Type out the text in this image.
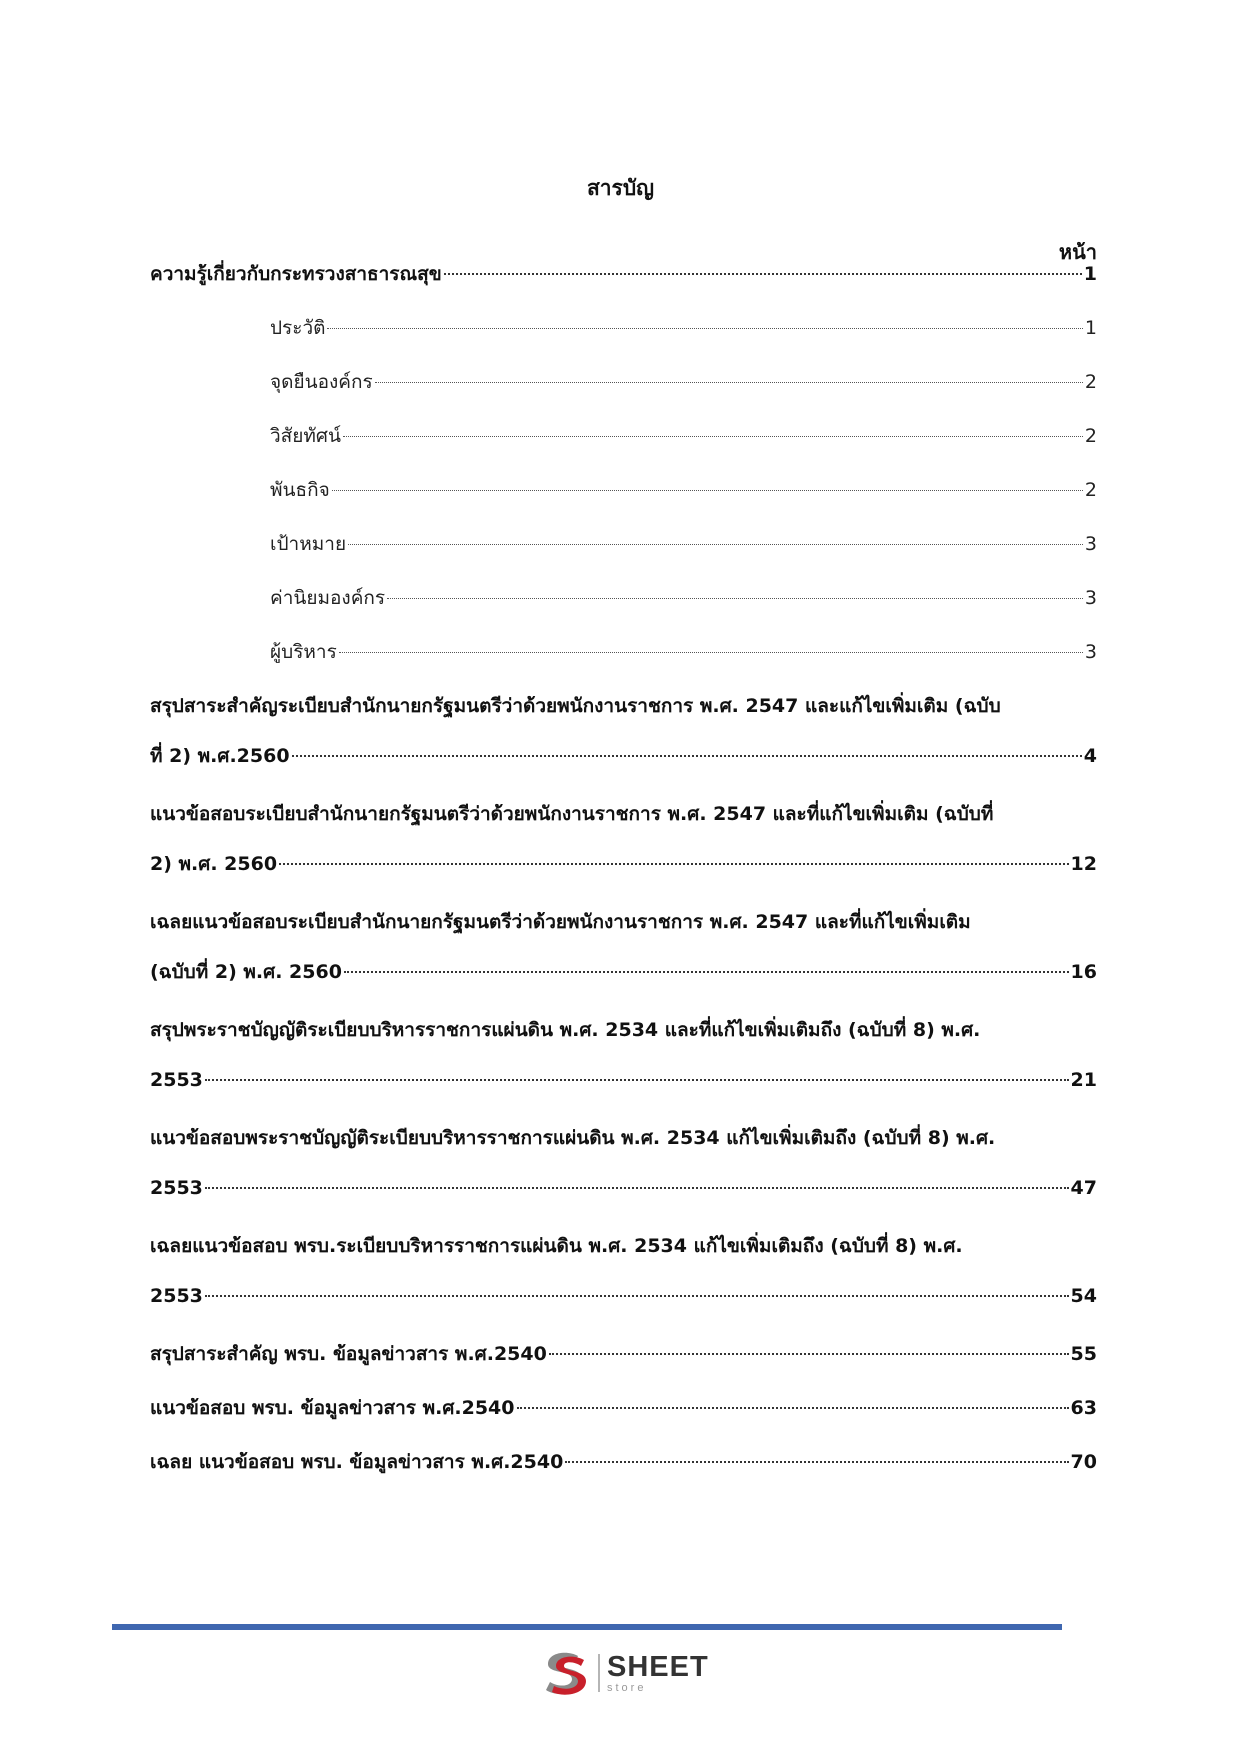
สารบัญ
หน้า
ความรู้เกี่ยวกับกระทรวงสาธารณสุข	1
ประวัติ	1
จุดยืนองค์กร	2
วิสัยทัศน์	2
พันธกิจ	2
เป้าหมาย	3
ค่านิยมองค์กร	3
ผู้บริหาร	3
สรุปสาระสำคัญระเบียบสำนักนายกรัฐมนตรีว่าด้วยพนักงานราชการ พ.ศ. 2547 และแก้ไขเพิ่มเติม (ฉบับ
ที่ 2) พ.ศ.2560	4
แนวข้อสอบระเบียบสำนักนายกรัฐมนตรีว่าด้วยพนักงานราชการ พ.ศ. 2547 และที่แก้ไขเพิ่มเติม (ฉบับที่
2) พ.ศ. 2560	12
เฉลยแนวข้อสอบระเบียบสำนักนายกรัฐมนตรีว่าด้วยพนักงานราชการ พ.ศ. 2547 และที่แก้ไขเพิ่มเติม
(ฉบับที่ 2) พ.ศ. 2560	16
สรุปพระราชบัญญัติระเบียบบริหารราชการแผ่นดิน พ.ศ. 2534 และที่แก้ไขเพิ่มเติมถึง (ฉบับที่ 8) พ.ศ.
2553	21
แนวข้อสอบพระราชบัญญัติระเบียบบริหารราชการแผ่นดิน พ.ศ. 2534 แก้ไขเพิ่มเติมถึง (ฉบับที่ 8) พ.ศ.
2553	47
เฉลยแนวข้อสอบ พรบ.ระเบียบบริหารราชการแผ่นดิน พ.ศ. 2534 แก้ไขเพิ่มเติมถึง (ฉบับที่ 8) พ.ศ.
2553	54
สรุปสาระสำคัญ พรบ. ข้อมูลข่าวสาร พ.ศ.2540	55
แนวข้อสอบ พรบ. ข้อมูลข่าวสาร พ.ศ.2540	63
เฉลย แนวข้อสอบ พรบ. ข้อมูลข่าวสาร พ.ศ.2540	70
SHEET
store
